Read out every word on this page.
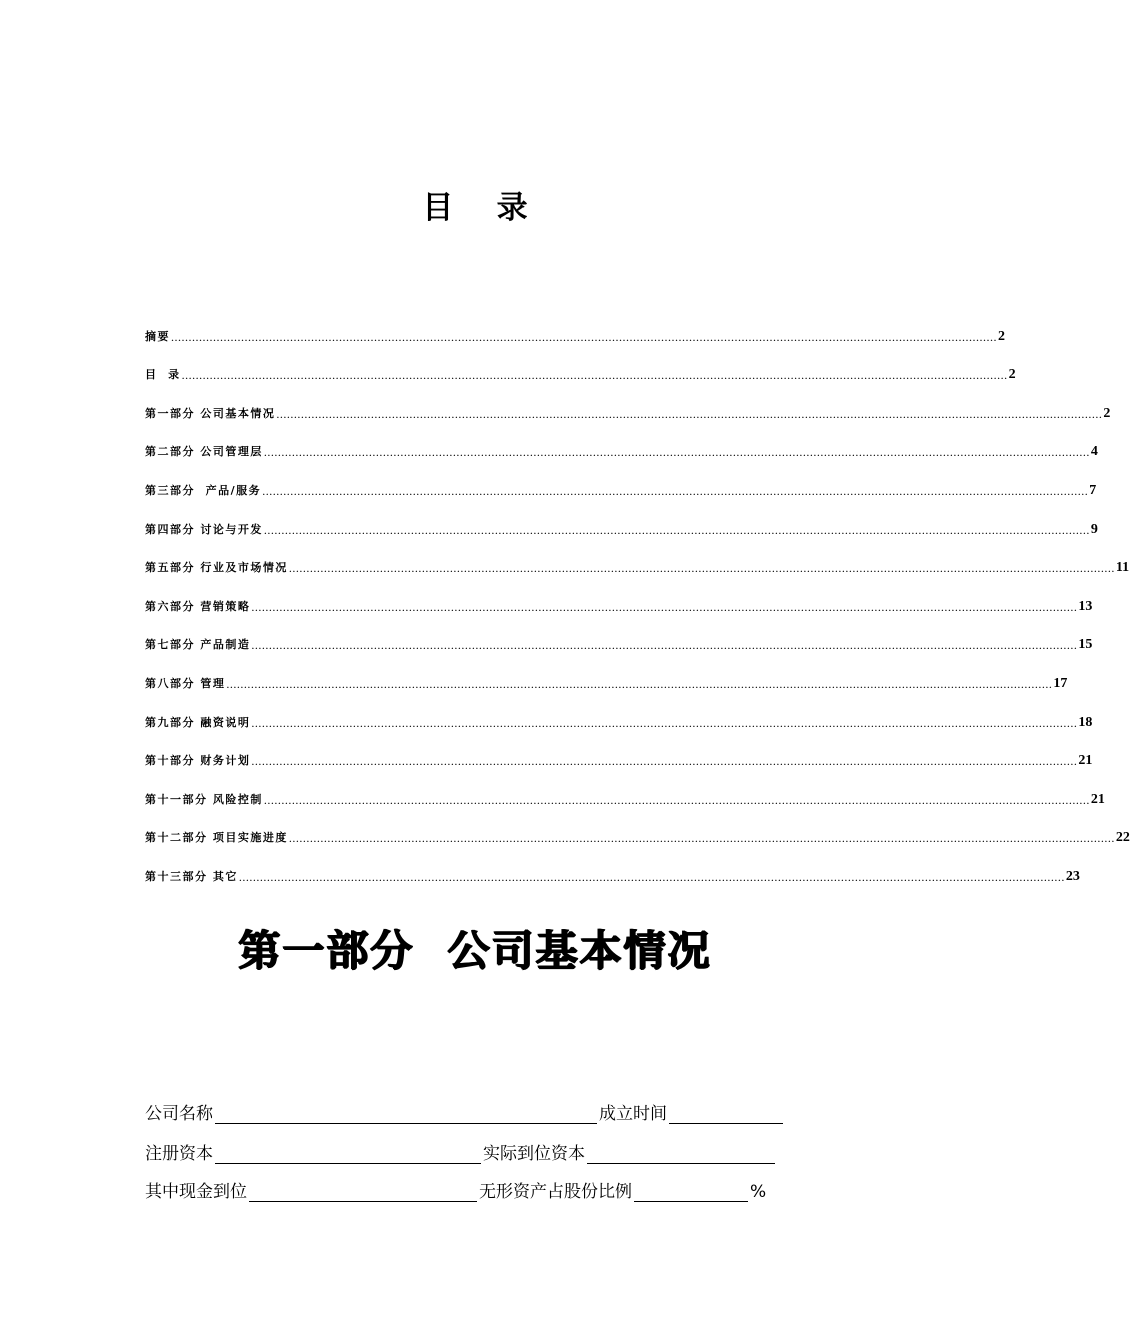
目    录
摘要 ............................................................................................................................................................................................................................................ 2
目  录 ............................................................................................................................................................................................................................................ 2
第一部分 公司基本情况 ............................................................................................................................................................................................................................................ 2
第二部分 公司管理层 ............................................................................................................................................................................................................................................ 4
第三部分  产品/服务 ............................................................................................................................................................................................................................................ 7
第四部分 讨论与开发 ............................................................................................................................................................................................................................................ 9
第五部分 行业及市场情况 ............................................................................................................................................................................................................................................ 11
第六部分 营销策略 ............................................................................................................................................................................................................................................ 13
第七部分 产品制造 ............................................................................................................................................................................................................................................ 15
第八部分 管理 ............................................................................................................................................................................................................................................ 17
第九部分 融资说明 ............................................................................................................................................................................................................................................ 18
第十部分 财务计划 ............................................................................................................................................................................................................................................ 21
第十一部分 风险控制 ............................................................................................................................................................................................................................................ 21
第十二部分 项目实施进度 ............................................................................................................................................................................................................................................ 22
第十三部分 其它 ............................................................................................................................................................................................................................................ 23
第一部分  公司基本情况
公司名称	成立时间
注册资本	实际到位资本
其中现金到位	无形资产占股份比例	%
